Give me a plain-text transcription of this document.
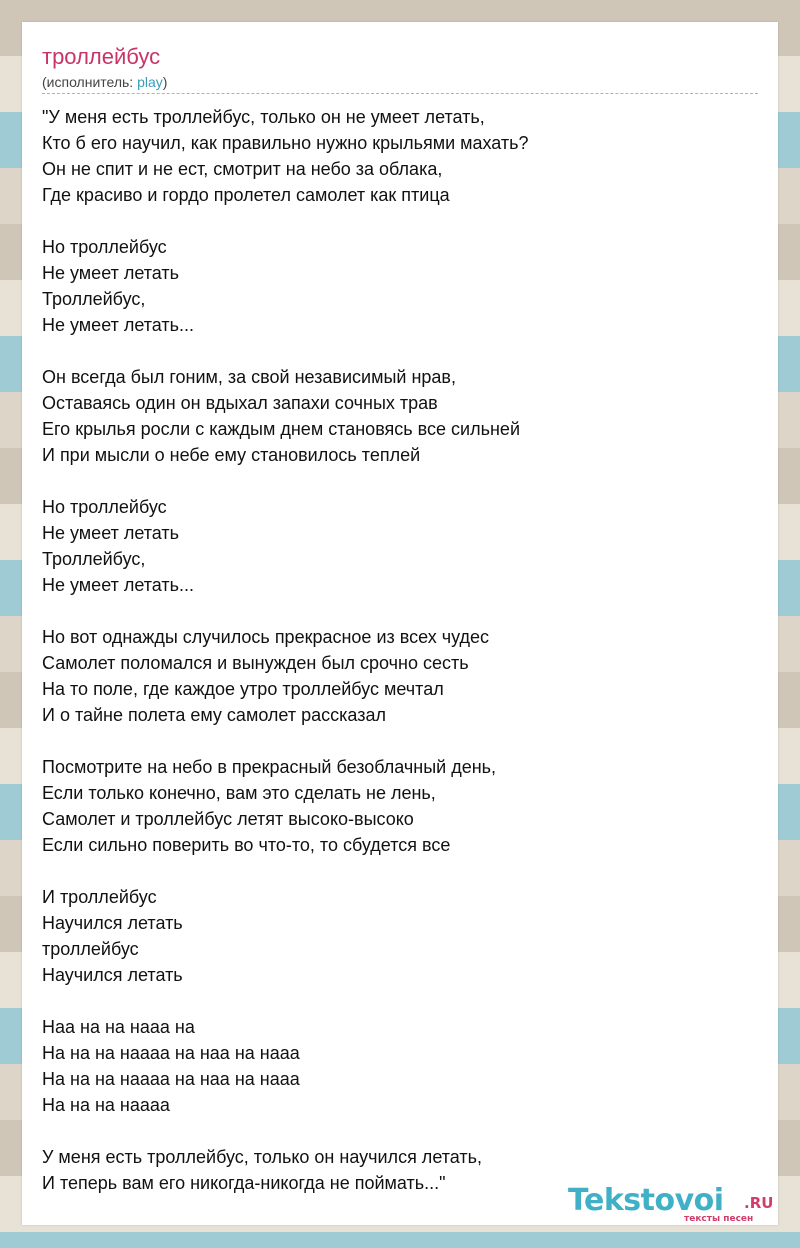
троллейбус
(исполнитель: play)
"У меня есть троллейбус, только он не умеет летать,
Кто б его научил, как правильно нужно крыльями махать?
Он не спит и не ест, смотрит на небо за облака,
Где красиво и гордо пролетел самолет как птица
Но троллейбус
Не умеет летать
Троллейбус,
Не умеет летать...
Он всегда был гоним, за свой независимый нрав,
Оставаясь один он вдыхал запахи сочных трав
Его крылья росли с каждым днем становясь все сильней
И при мысли о небе ему становилось теплей
Но троллейбус
Не умеет летать
Троллейбус,
Не умеет летать...
Но вот однажды случилось прекрасное из всех чудес
Самолет поломался и вынужден был срочно сесть
На то поле, где каждое утро троллейбус мечтал
И о тайне полета ему самолет рассказал
Посмотрите на небо в прекрасный безоблачный день,
Если только конечно, вам это сделать не лень,
Самолет и троллейбус летят высоко-высоко
Если сильно поверить во что-то, то сбудется все
И троллейбус
Научился летать
троллейбус
Научился летать
Наа на на нааа на
На на на наааа на наа на нааа
На на на наааа на наа на нааа
На на на наааа
У меня есть троллейбус, только он научился летать,
И теперь вам его никогда-никогда не поймать..."	Tekstovoi .RU
тексты песен
